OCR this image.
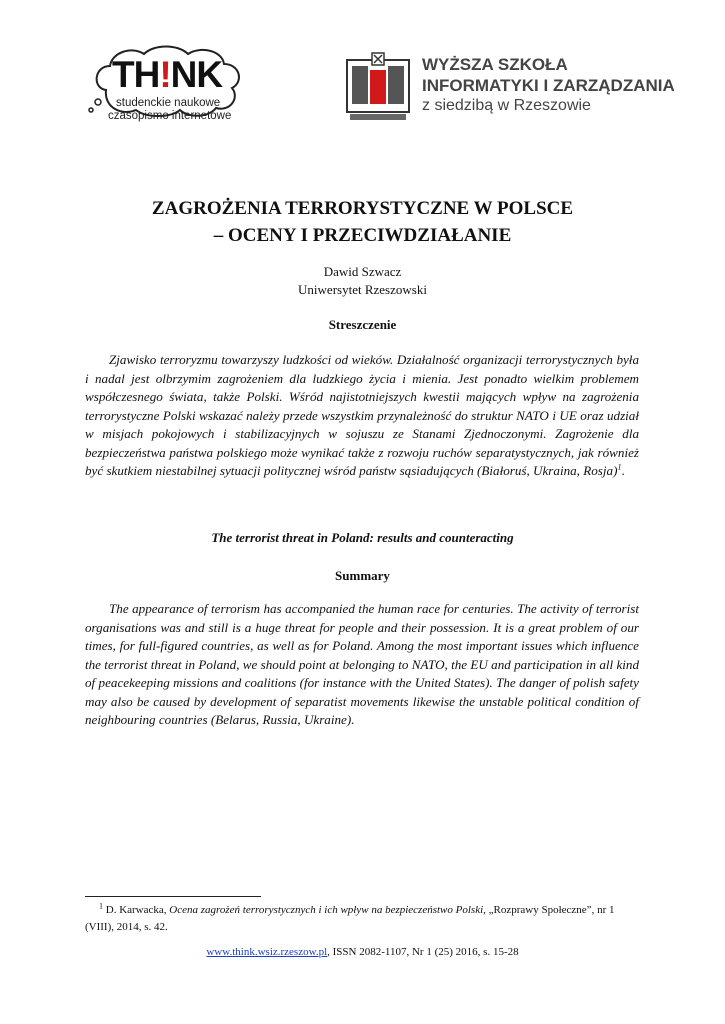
TH!NK
studenckie naukowe
czasopismo internetowe
WYŻSZA SZKOŁA
INFORMATYKI I ZARZĄDZANIA
z siedzibą w Rzeszowie
ZAGROŻENIA TERRORYSTYCZNE W POLSCE
– OCENY I PRZECIWDZIAŁANIE
Dawid Szwacz
Uniwersytet Rzeszowski
Streszczenie

Zjawisko terroryzmu towarzyszy ludzkości od wieków. Działalność organizacji terrorystycznych była i nadal jest olbrzymim zagrożeniem dla ludzkiego życia i mienia. Jest ponadto wielkim problemem współczesnego świata, także Polski. Wśród najistotniejszych kwestii mających wpływ na zagrożenia terrorystyczne Polski wskazać należy przede wszystkim przynależność do struktur NATO i UE oraz udział w misjach pokojowych i stabilizacyjnych w sojuszu ze Stanami Zjednoczonymi. Zagrożenie dla bezpieczeństwa państwa polskiego może wynikać także z rozwoju ruchów separatystycznych, jak również być skutkiem niestabilnej sytuacji politycznej wśród państw sąsiadujących (Białoruś, Ukraina, Rosja)$^1$.

The terrorist threat in Poland: results and counteracting
Summary

The appearance of terrorism has accompanied the human race for centuries. The activity of terrorist organisations was and still is a huge threat for people and their possession. It is a great problem of our times, for full-figured countries, as well as for Poland. Among the most important issues which influence the terrorist threat in Poland, we should point at belonging to NATO, the EU and participation in all kind of peacekeeping missions and coalitions (for instance with the United States). The danger of polish safety may also be caused by development of separatist movements likewise the unstable political condition of neighbouring countries (Belarus, Russia, Ukraine).

$^1$ D. Karwacka, Ocena zagrożeń terrorystycznych i ich wpływ na bezpieczeństwo Polski, „Rozprawy Społeczne”, nr 1 (VIII), 2014, s. 42.

www.think.wsiz.rzeszow.pl, ISSN 2082-1107, Nr 1 (25) 2016, s. 15-28
